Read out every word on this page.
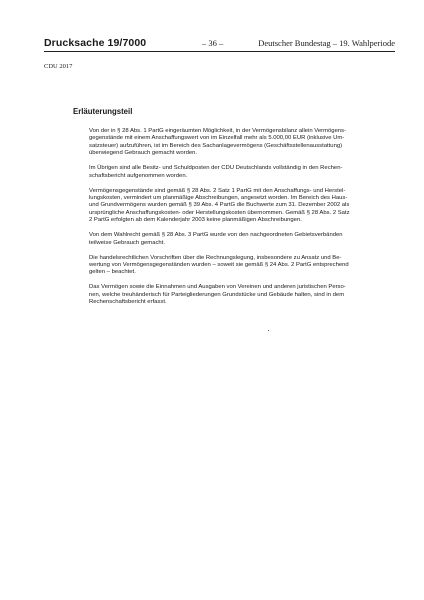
Drucksache 19/7000	– 36 –	Deutscher Bundestag – 19. Wahlperiode
CDU 2017
Erläuterungsteil

Von der in § 28 Abs. 1 PartG eingeräumten Möglichkeit, in der Vermögensbilanz allein Vermögens-
gegenstände mit einem Anschaffungswert von im Einzelfall mehr als 5.000,00 EUR (inklusive Um-
satzsteuer) aufzuführen, ist im Bereich des Sachanlagevermögens (Geschäftsstellenausstattung)
überwiegend Gebrauch gemacht worden.

Im Übrigen sind alle Besitz- und Schuldposten der CDU Deutschlands vollständig in den Rechen-
schaftsbericht aufgenommen worden.

Vermögensgegenstände sind gemäß § 28 Abs. 2 Satz 1 PartG mit den Anschaffungs- und Herstel-
lungskosten, vermindert um planmäßige Abschreibungen, angesetzt worden. Im Bereich des Haus-
und Grundvermögens wurden gemäß § 39 Abs. 4 PartG die Buchwerte zum 31. Dezember 2002 als
ursprüngliche Anschaffungskosten- oder Herstellungskosten übernommen. Gemäß § 28 Abs. 2 Satz
2 PartG erfolgten ab dem Kalenderjahr 2003 keine planmäßigen Abschreibungen.

Von dem Wahlrecht gemäß § 28 Abs. 3 PartG wurde von den nachgeordneten Gebietsverbänden
teilweise Gebrauch gemacht.

Die handelsrechtlichen Vorschriften über die Rechnungslegung, insbesondere zu Ansatz und Be-
wertung von Vermögensgegenständen wurden – soweit sie gemäß § 24 Abs. 2 PartG entsprechend
gelten – beachtet.

Das Vermögen sowie die Einnahmen und Ausgaben von Vereinen und anderen juristischen Perso-
nen, welche treuhänderisch für Parteigliederungen Grundstücke und Gebäude halten, sind in dem
Rechenschaftsbericht erfasst.
